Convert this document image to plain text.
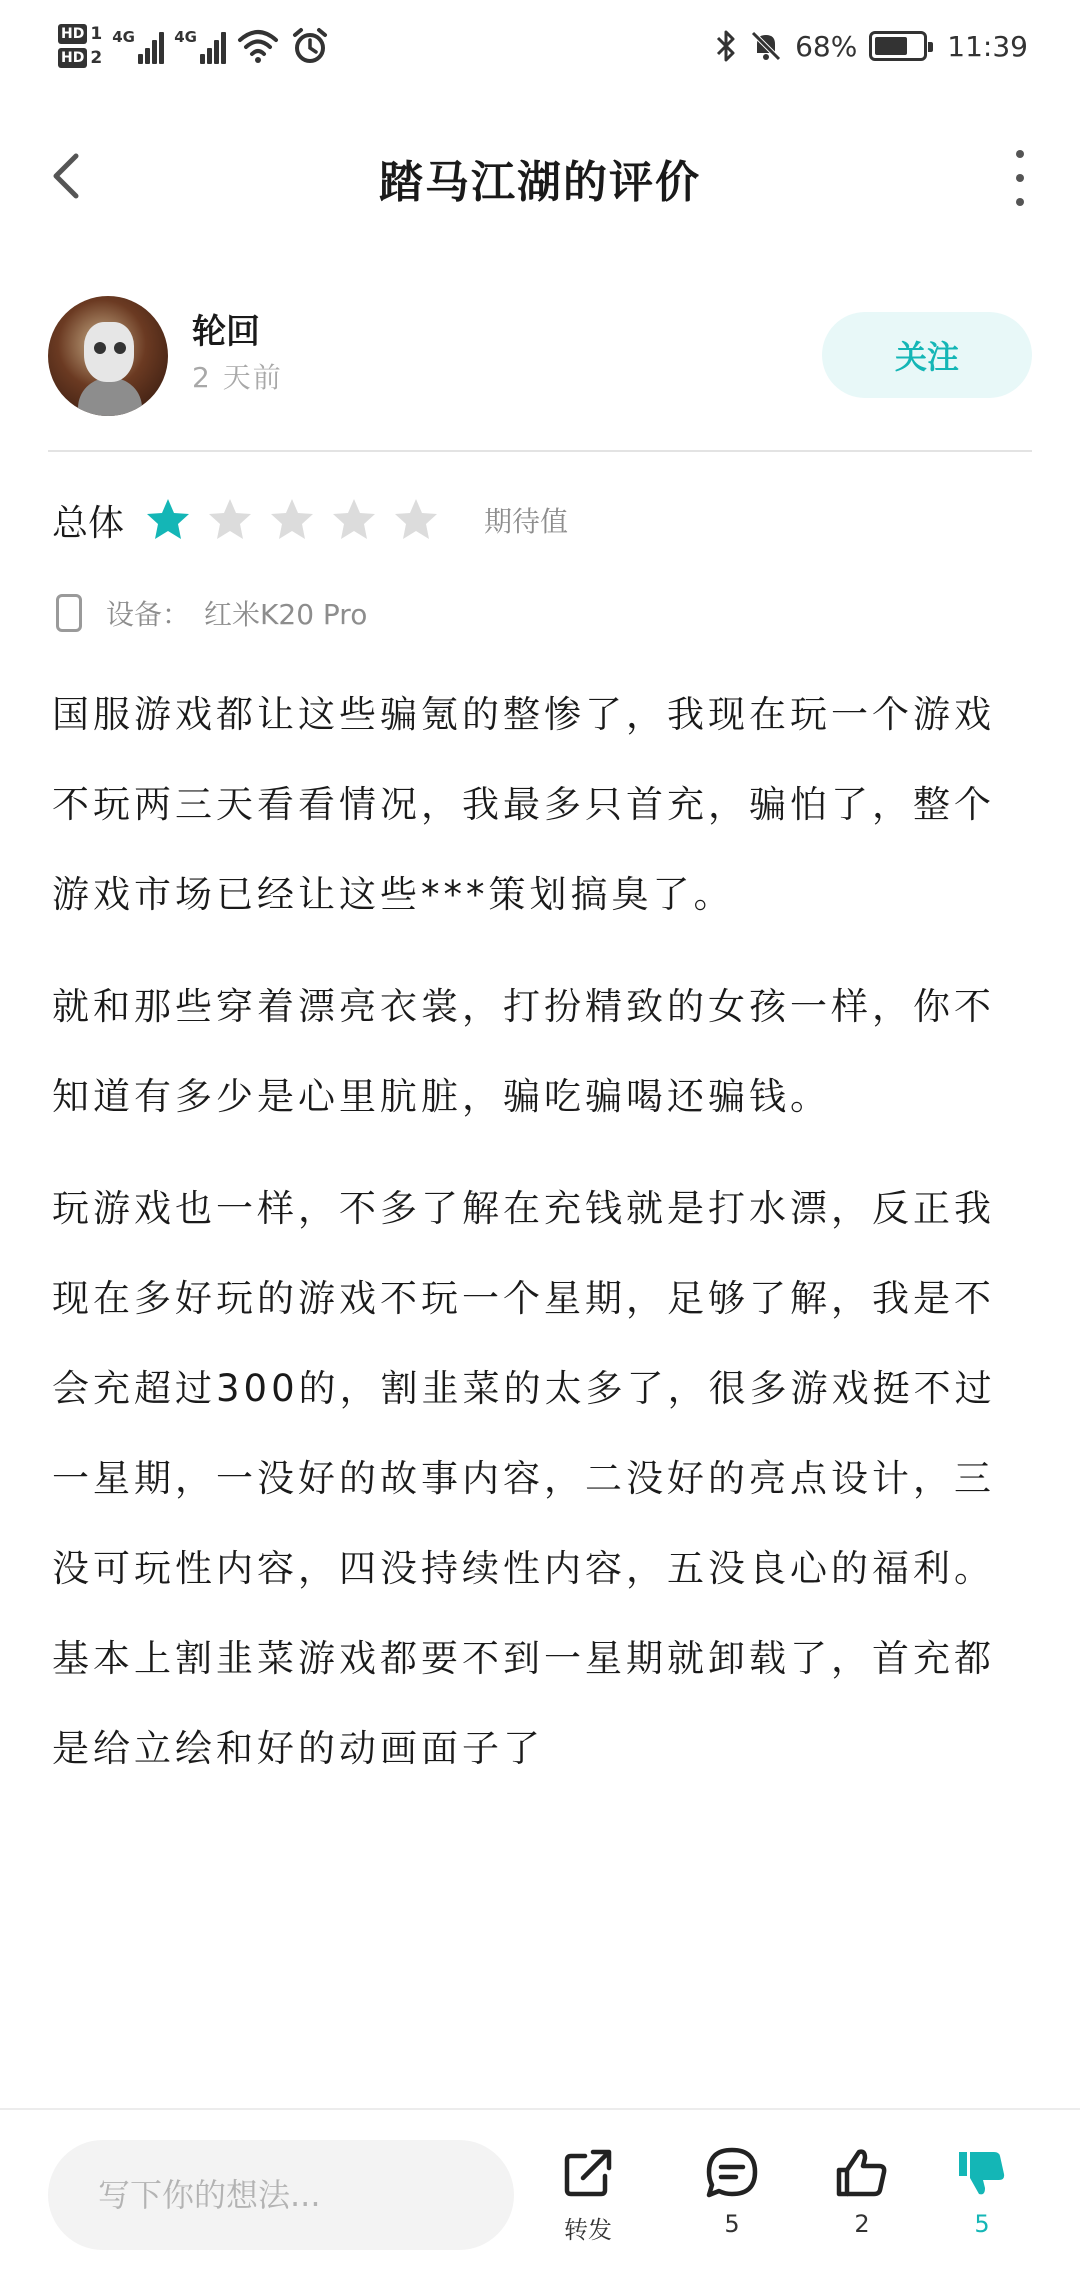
HD 1
HD 2
4G	4G	68%	11:39
踏马江湖的评价
轮回
2 天前
关注
总体	期待值
设备： 红米K20 Pro

国服游戏都让这些骗氪的整惨了，我现在玩一个游戏不玩两三天看看情况，我最多只首充，骗怕了，整个游戏市场已经让这些***策划搞臭了。

就和那些穿着漂亮衣裳，打扮精致的女孩一样，你不知道有多少是心里肮脏，骗吃骗喝还骗钱。

玩游戏也一样，不多了解在充钱就是打水漂，反正我现在多好玩的游戏不玩一个星期，足够了解，我是不会充超过300的，割韭菜的太多了，很多游戏挺不过一星期，一没好的故事内容，二没好的亮点设计，三没可玩性内容，四没持续性内容，五没良心的福利。基本上割韭菜游戏都要不到一星期就卸载了，首充都是给立绘和好的动画面子了

写下你的想法...
转发	5	2	5
